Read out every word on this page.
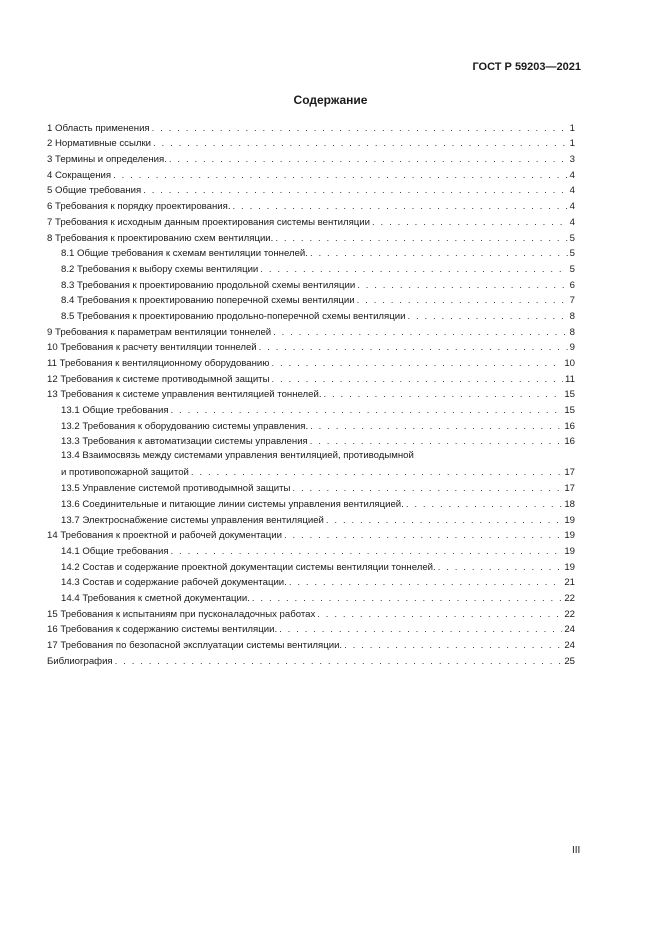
ГОСТ Р 59203—2021
Содержание
1 Область применения . . .	1
2 Нормативные ссылки . . .	1
3 Термины и определения. . . .	3
4 Сокращения . . .	4
5 Общие требования . . .	4
6 Требования к порядку проектирования. . . .	4
7 Требования к исходным данным проектирования системы вентиляции . . .	4
8 Требования к проектированию схем вентиляции. . . .	5
8.1 Общие требования к схемам вентиляции тоннелей. . . .	5
8.2 Требования к выбору схемы вентиляции . . .	5
8.3 Требования к проектированию продольной схемы вентиляции . . .	6
8.4 Требования к проектированию поперечной схемы вентиляции . . .	7
8.5 Требования к проектированию продольно-поперечной схемы вентиляции . . .	8
9 Требования к параметрам вентиляции тоннелей . . .	8
10 Требования к расчету вентиляции тоннелей . . .	9
11 Требования к вентиляционному оборудованию . . .	10
12 Требования к системе противодымной защиты . . .	11
13 Требования к системе управления вентиляцией тоннелей. . . .	15
13.1 Общие требования . . .	15
13.2 Требования к оборудованию системы управления. . . .	16
13.3 Требования к автоматизации системы управления . . .	16
13.4 Взаимосвязь между системами управления вентиляцией, противодымной
и противопожарной защитой . . .	17
13.5 Управление системой противодымной защиты . . .	17
13.6 Соединительные и питающие линии системы управления вентиляцией. . . .	18
13.7 Электроснабжение системы управления вентиляцией . . .	19
14 Требования к проектной и рабочей документации . . .	19
14.1 Общие требования . . .	19
14.2 Состав и содержание проектной документации системы вентиляции тоннелей. . . .	19
14.3 Состав и содержание рабочей документации. . . .	21
14.4 Требования к сметной документации. . . .	22
15 Требования к испытаниям при пусконаладочных работах . . .	22
16 Требования к содержанию системы вентиляции. . . .	24
17 Требования по безопасной эксплуатации системы вентиляции. . . .	24
Библиография . . .	25
III
